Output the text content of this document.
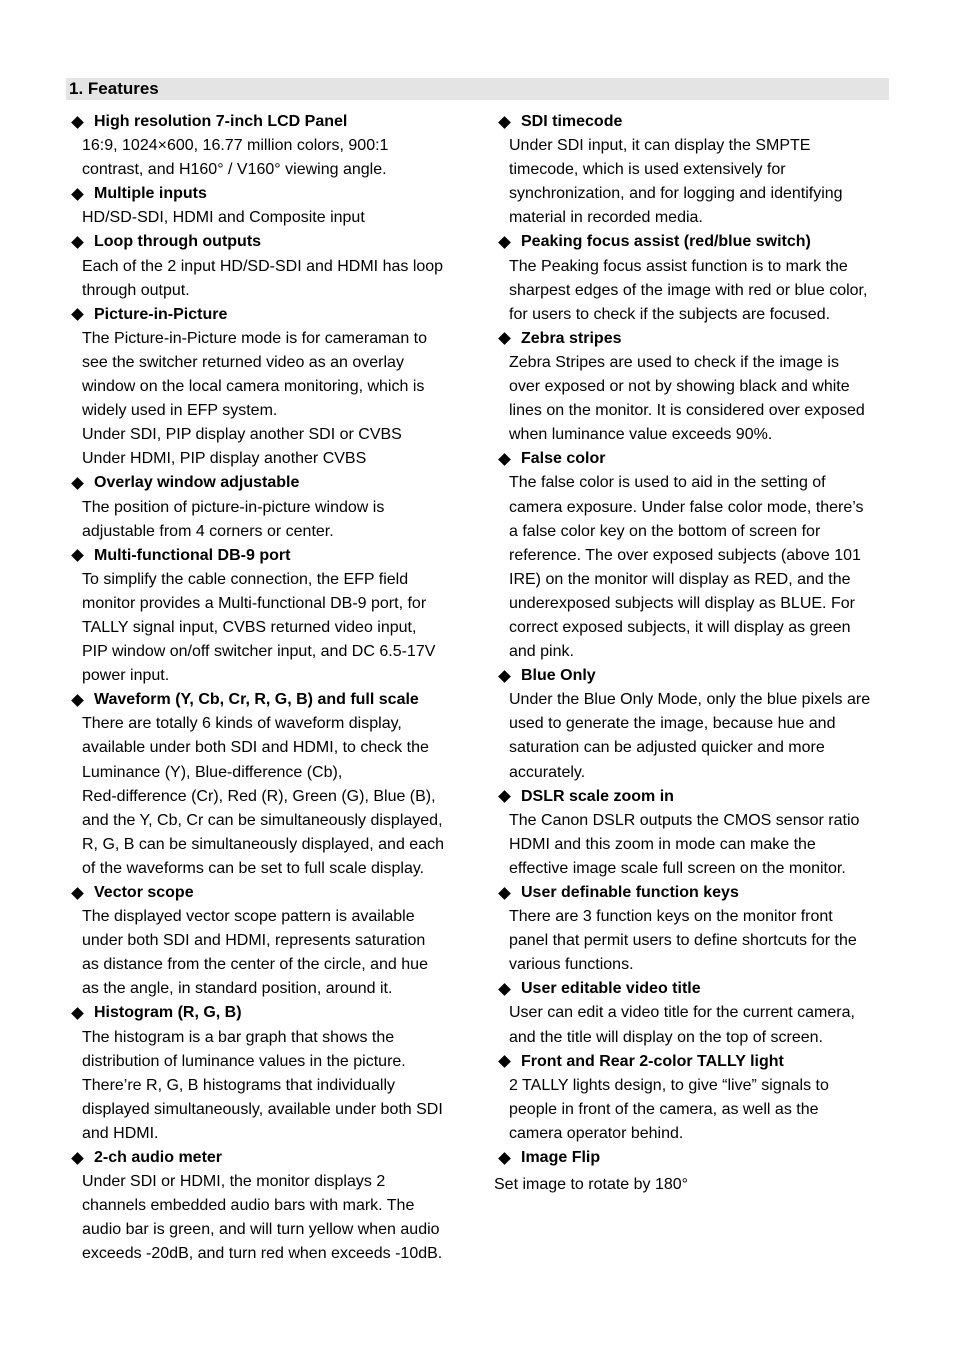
1. Features
High resolution 7-inch LCD Panel

16:9, 1024×600, 16.77 million colors, 900:1

contrast, and H160° / V160° viewing angle.

Multiple inputs

HD/SD-SDI, HDMI and Composite input

Loop through outputs

Each of the 2 input HD/SD-SDI and HDMI has loop

through output.

Picture-in-Picture

The Picture-in-Picture mode is for cameraman to

see the switcher returned video as an overlay

window on the local camera monitoring, which is

widely used in EFP system.

Under SDI, PIP display another SDI or CVBS

Under HDMI, PIP display another CVBS

Overlay window adjustable

The position of picture-in-picture window is

adjustable from 4 corners or center.

Multi-functional DB-9 port

To simplify the cable connection, the EFP field

monitor provides a Multi-functional DB-9 port, for

TALLY signal input, CVBS returned video input,

PIP window on/off switcher input, and DC 6.5-17V

power input.

Waveform (Y, Cb, Cr, R, G, B) and full scale

There are totally 6 kinds of waveform display,

available under both SDI and HDMI, to check the

Luminance (Y), Blue-difference (Cb),

Red-difference (Cr), Red (R), Green (G), Blue (B),

and the Y, Cb, Cr can be simultaneously displayed,

R, G, B can be simultaneously displayed, and each

of the waveforms can be set to full scale display.

Vector scope

The displayed vector scope pattern is available

under both SDI and HDMI, represents saturation

as distance from the center of the circle, and hue

as the angle, in standard position, around it.

Histogram (R, G, B)

The histogram is a bar graph that shows the

distribution of luminance values in the picture.

There’re R, G, B histograms that individually

displayed simultaneously, available under both SDI

and HDMI.

2-ch audio meter

Under SDI or HDMI, the monitor displays 2

channels embedded audio bars with mark. The

audio bar is green, and will turn yellow when audio

exceeds -20dB, and turn red when exceeds -10dB.

SDI timecode

Under SDI input, it can display the SMPTE

timecode, which is used extensively for

synchronization, and for logging and identifying

material in recorded media.

Peaking focus assist (red/blue switch)

The Peaking focus assist function is to mark the

sharpest edges of the image with red or blue color,

for users to check if the subjects are focused.

Zebra stripes

Zebra Stripes are used to check if the image is

over exposed or not by showing black and white

lines on the monitor. It is considered over exposed

when luminance value exceeds 90%.

False color

The false color is used to aid in the setting of

camera exposure. Under false color mode, there’s

a false color key on the bottom of screen for

reference. The over exposed subjects (above 101

IRE) on the monitor will display as RED, and the

underexposed subjects will display as BLUE. For

correct exposed subjects, it will display as green

and pink.

Blue Only

Under the Blue Only Mode, only the blue pixels are

used to generate the image, because hue and

saturation can be adjusted quicker and more

accurately.

DSLR scale zoom in

The Canon DSLR outputs the CMOS sensor ratio

HDMI and this zoom in mode can make the

effective image scale full screen on the monitor.

User definable function keys

There are 3 function keys on the monitor front

panel that permit users to define shortcuts for the

various functions.

User editable video title

User can edit a video title for the current camera,

and the title will display on the top of screen.

Front and Rear 2-color TALLY light

2 TALLY lights design, to give “live” signals to

people in front of the camera, as well as the

camera operator behind.

Image Flip

Set image to rotate by 180°
